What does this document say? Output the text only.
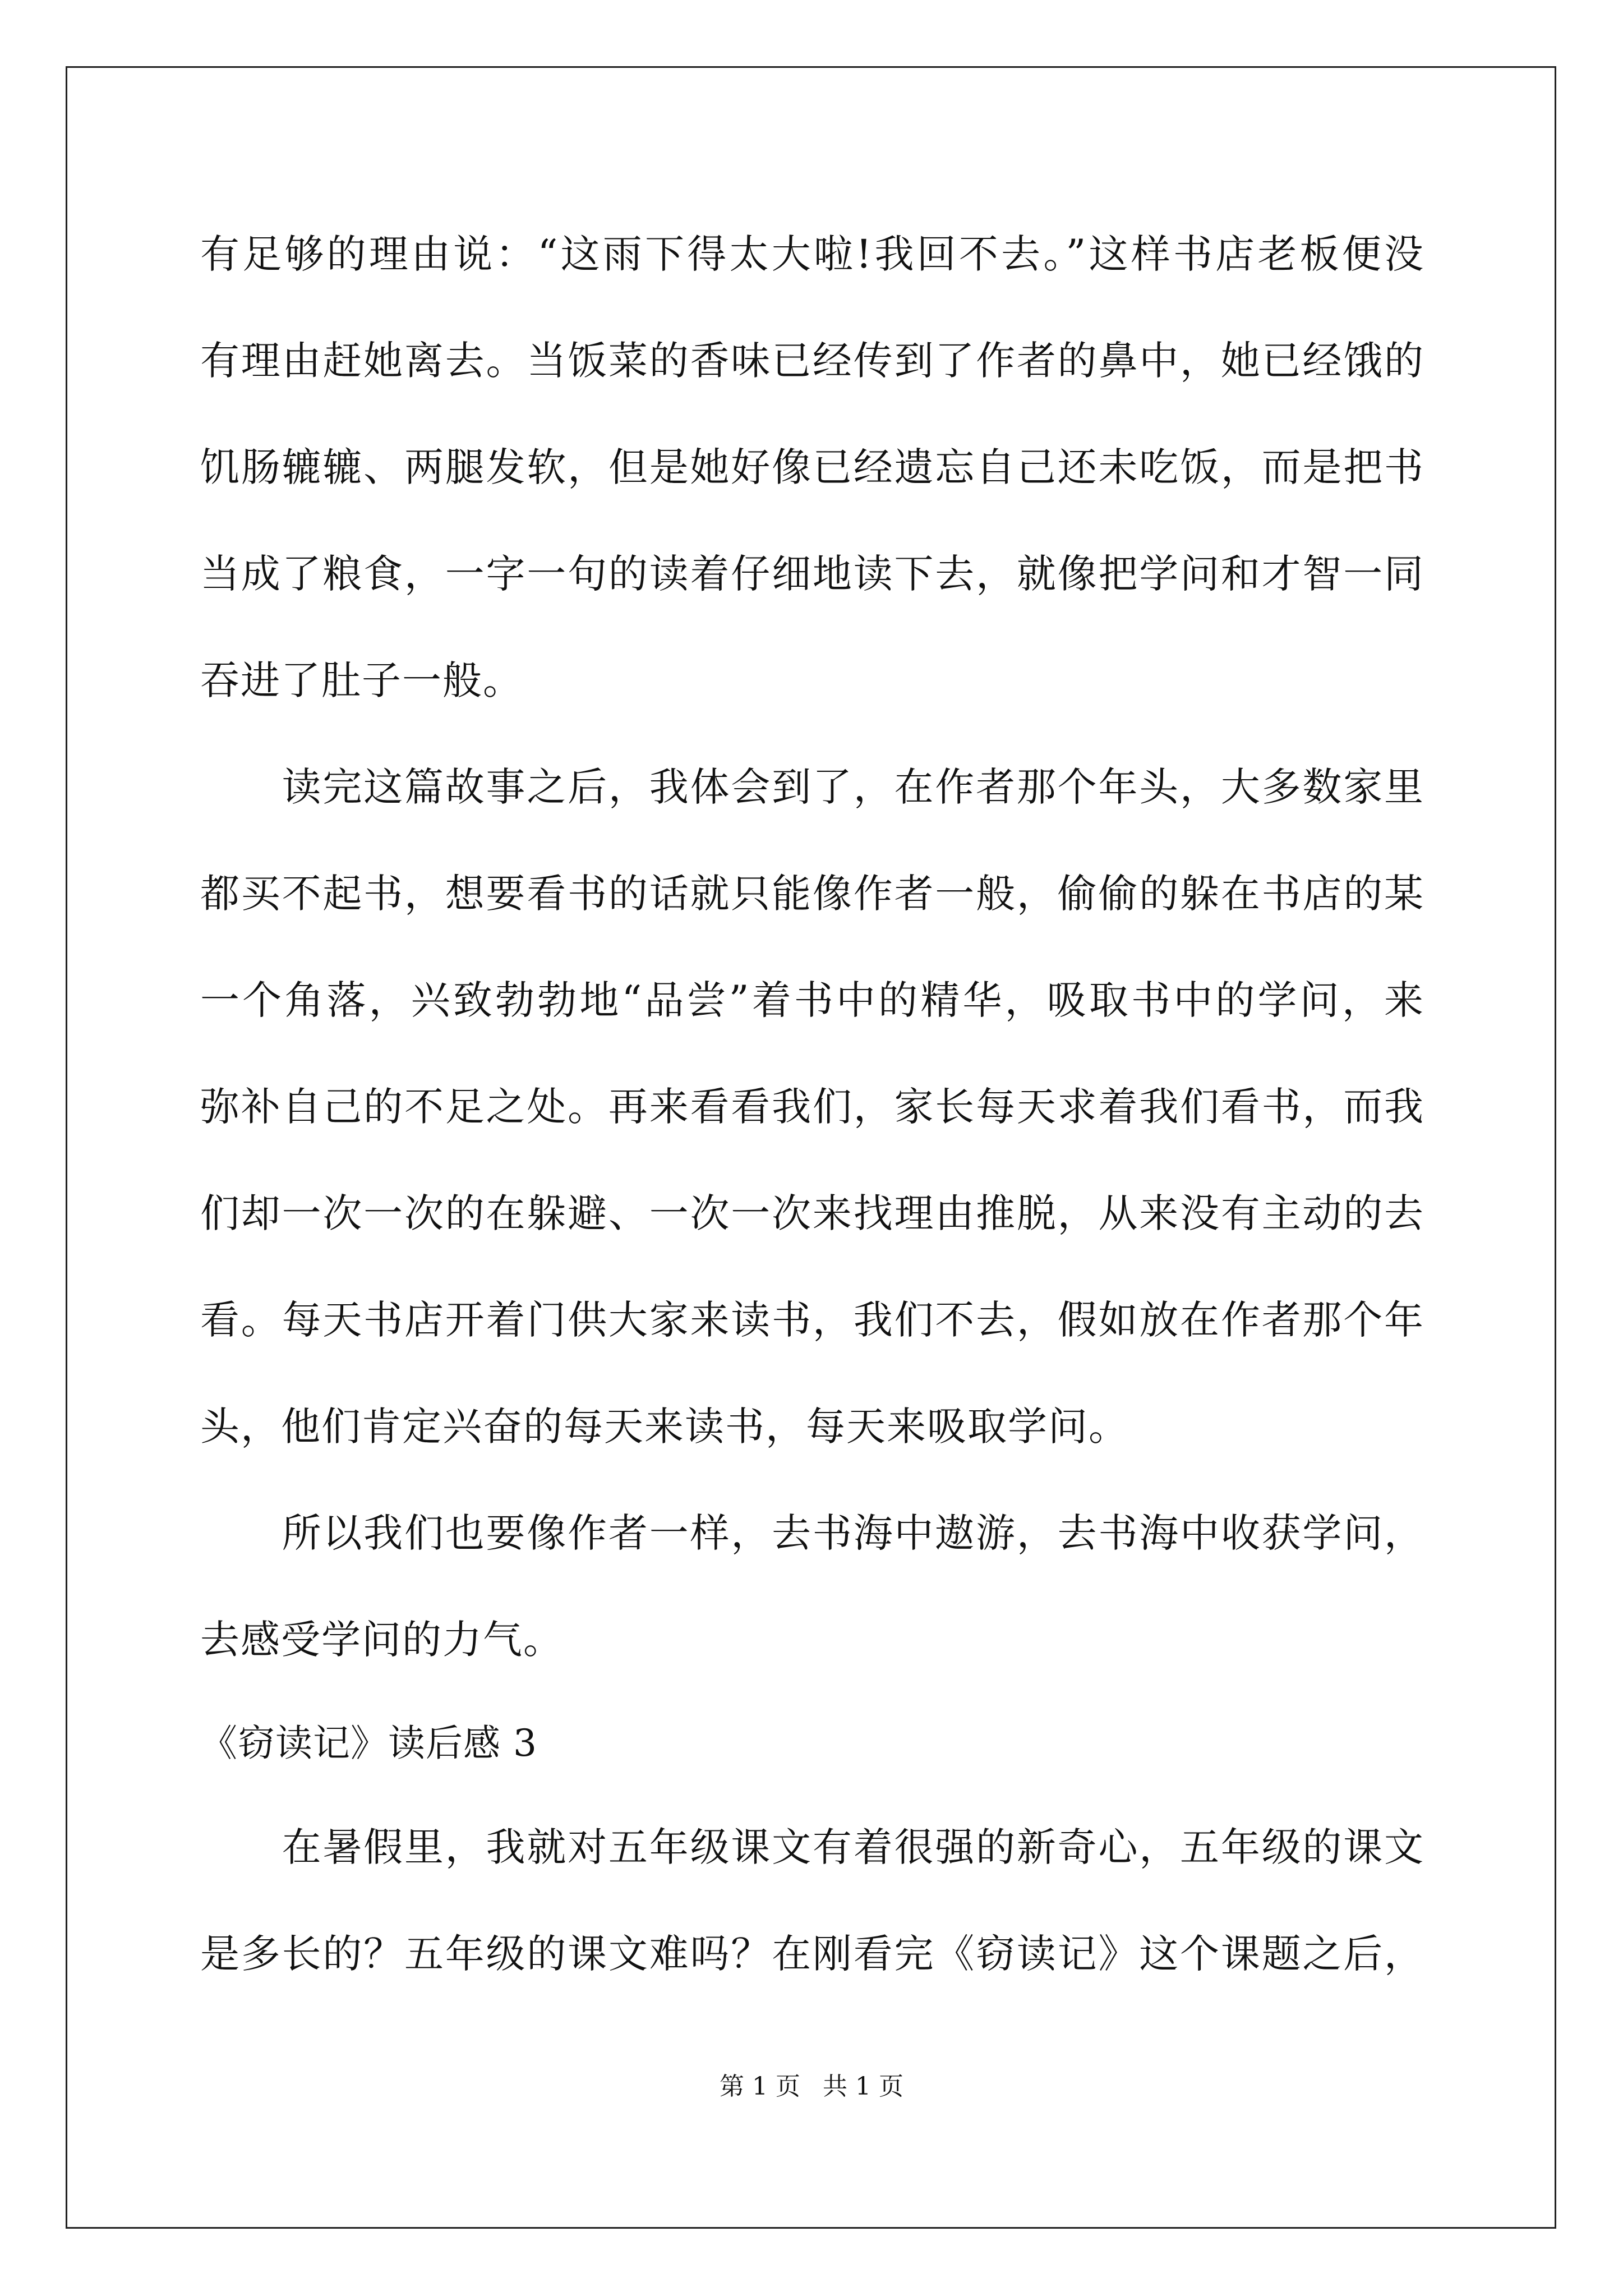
有足够的理由说：“这雨下得太大啦!我回不去。”这样书店老板便没
有理由赶她离去。当饭菜的香味已经传到了作者的鼻中，她已经饿的
饥肠辘辘、两腿发软，但是她好像已经遗忘自己还未吃饭，而是把书
当成了粮食，一字一句的读着仔细地读下去，就像把学问和才智一同
吞进了肚子一般。
　　读完这篇故事之后，我体会到了，在作者那个年头，大多数家里
都买不起书，想要看书的话就只能像作者一般，偷偷的躲在书店的某
一个角落，兴致勃勃地“品尝”着书中的精华，吸取书中的学问，来
弥补自己的不足之处。再来看看我们，家长每天求着我们看书，而我
们却一次一次的在躲避、一次一次来找理由推脱，从来没有主动的去
看。每天书店开着门供大家来读书，我们不去，假如放在作者那个年
头，他们肯定兴奋的每天来读书，每天来吸取学问。
　　所以我们也要像作者一样，去书海中遨游，去书海中收获学问，
去感受学问的力气。
《窃读记》读后感 3
　　在暑假里，我就对五年级课文有着很强的新奇心，五年级的课文
是多长的？五年级的课文难吗？在刚看完《窃读记》这个课题之后，
第 1 页 共 1 页
